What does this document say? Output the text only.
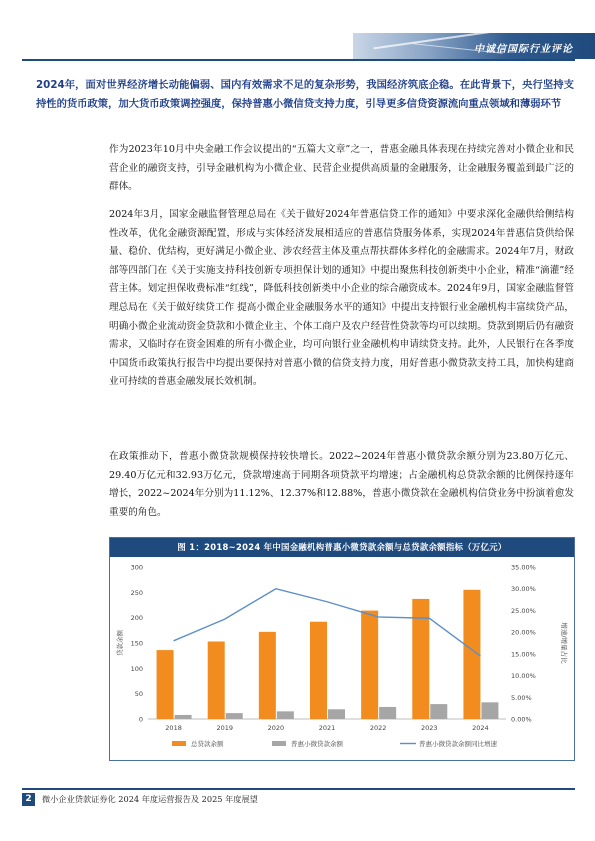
中诚信国际行业评论
2024年，面对世界经济增长动能偏弱、国内有效需求不足的复杂形势，我国经济筑底企稳。在此背景下，央行坚持支持性的货币政策，加大货币政策调控强度，保持普惠小微信贷支持力度，引导更多信贷资源流向重点领域和薄弱环节
作为2023年10月中央金融工作会议提出的“五篇大文章”之一，普惠金融具体表现在持续完善对小微企业和民营企业的融资支持，引导金融机构为小微企业、民营企业提供高质量的金融服务，让金融服务覆盖到最广泛的群体。
2024年3月，国家金融监督管理总局在《关于做好2024年普惠信贷工作的通知》中要求深化金融供给侧结构性改革，优化金融资源配置，形成与实体经济发展相适应的普惠信贷服务体系，实现2024年普惠信贷供给保量、稳价、优结构，更好满足小微企业、涉农经营主体及重点帮扶群体多样化的金融需求。2024年7月，财政部等四部门在《关于实施支持科技创新专项担保计划的通知》中提出聚焦科技创新类中小企业，精准“滴灌”经营主体。划定担保收费标准“红线”，降低科技创新类中小企业的综合融资成本。2024年9月，国家金融监督管理总局在《关于做好续贷工作 提高小微企业金融服务水平的通知》中提出支持银行业金融机构丰富续贷产品，明确小微企业流动资金贷款和小微企业主、个体工商户及农户经营性贷款等均可以续期。贷款到期后仍有融资需求，又临时存在资金困难的所有小微企业，均可向银行业金融机构申请续贷支持。此外，人民银行在各季度中国货币政策执行报告中均提出要保持对普惠小微的信贷支持力度，用好普惠小微贷款支持工具，加快构建商业可持续的普惠金融发展长效机制。
在政策推动下，普惠小微贷款规模保持较快增长。2022~2024年普惠小微贷款余额分别为23.80万亿元、29.40万亿元和32.93万亿元，贷款增速高于同期各项贷款平均增速；占金融机构总贷款余额的比例保持逐年增长，2022~2024年分别为11.12%、12.37%和12.88%，普惠小微贷款在金融机构信贷业务中扮演着愈发重要的角色。
图 1：2018~2024 年中国金融机构普惠小微贷款余额与总贷款余额指标（万亿元）
0
50
100
150
200
250
300
0.00%
5.00%
10.00%
15.00%
20.00%
25.00%
30.00%
35.00%
贷款余额	增速/增量占比
2018	2019	2020	2021	2022	2023	2024
总贷款余额	普惠小微贷款余额	普惠小微贷款余额同比增速
2	微小企业贷款证券化 2024 年度运营报告及 2025 年度展望
